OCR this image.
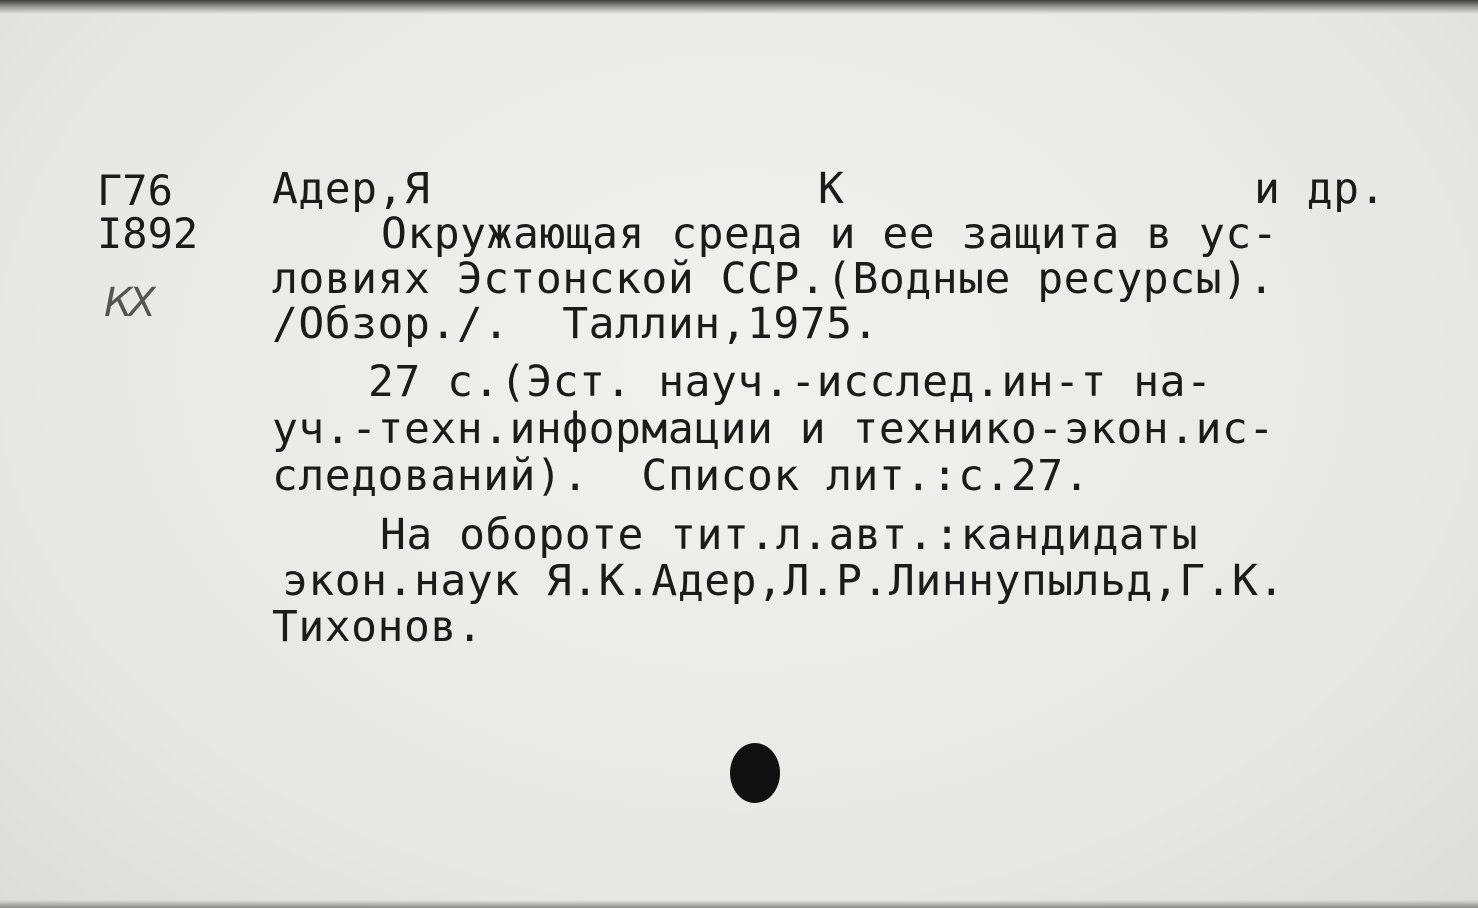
Г76
I892
КХ
Адер,Я	К	и др.
Окружающая среда и ее защита в ус-
ловиях Эстонской ССР.(Водные ресурсы).
/Обзор./.  Таллин,1975.
27 с.(Эст. науч.-исслед.ин-т на-
уч.-техн.информации и технико-экон.ис-
следований).  Список лит.:с.27.
На обороте тит.л.авт.:кандидаты
экон.наук Я.К.Адер,Л.Р.Линнупыльд,Г.К.
Тихонов.
